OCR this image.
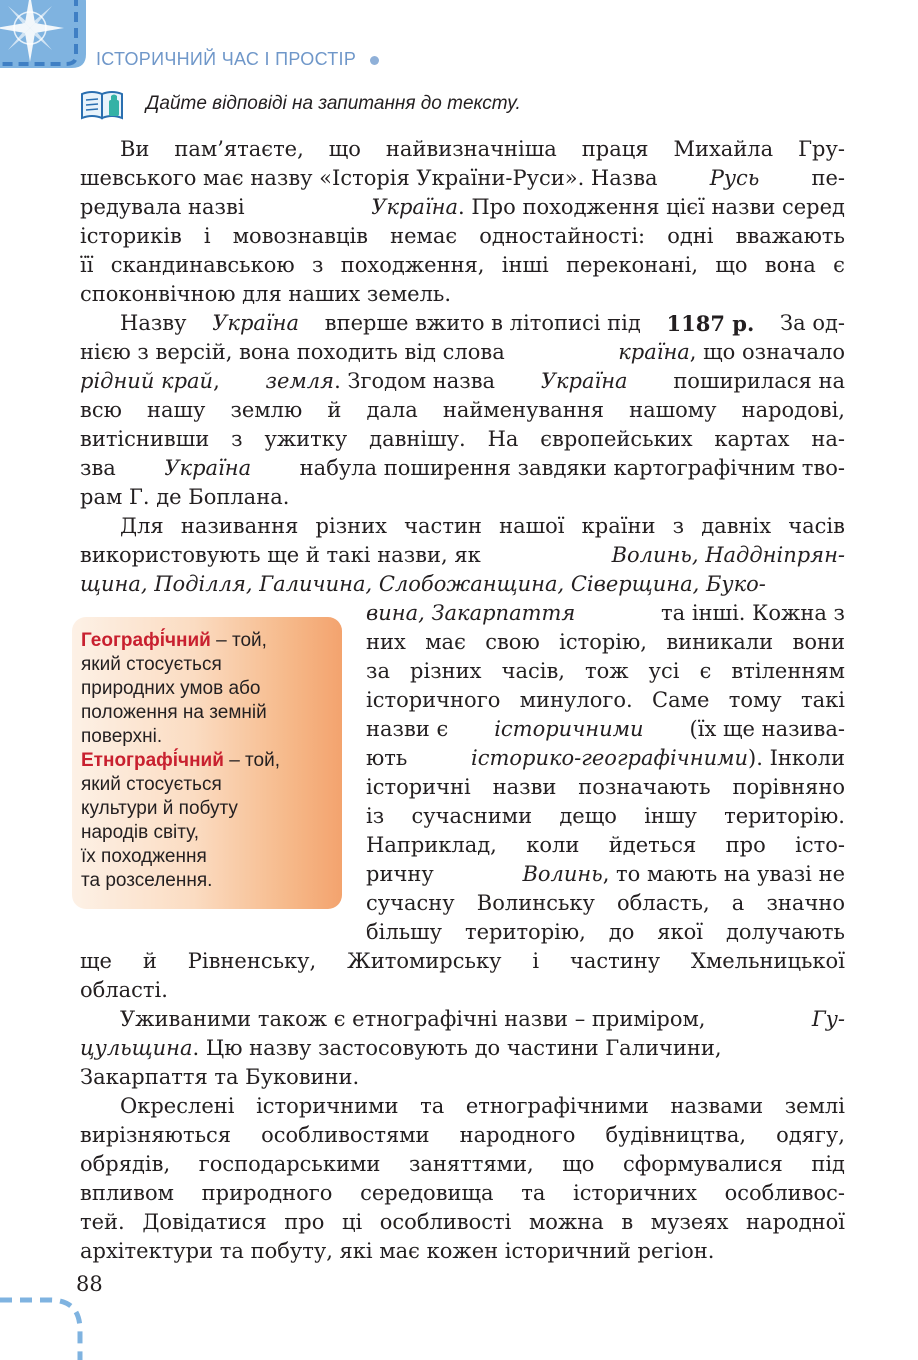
ІСТОРИЧНИЙ ЧАС І ПРОСТІР
Дайте відповіді на запитання до тексту.
Ви пам’ятаєте, що найвизначніша праця Михайла Гру-
шевського має назву «Історія України-Руси». Назва Русь пе-
редувала назві	Україна. Про походження цієї назви серед
істориків і мовознавців немає одностайності: одні вважають
її скандинавською з походження, інші переконані, що вона є
споконвічною для наших земель.
Назву Україна вперше вжито в літописі під 1187 р. За од-
нією з версій, вона походить від слова	країна, що означало
рідний край, земля. Згодом назва Україна поширилася на
всю нашу землю й дала найменування нашому народові,
витіснивши з ужитку давнішу. На європейських картах на-
зва Україна набула поширення завдяки картографічним тво-
рам Г. де Боплана.
Для називання різних частин нашої країни з давніх часів
використовують ще й такі назви, як	Волинь, Наддніпрян-
щина, Поділля, Галичина, Слобожанщина, Сіверщина, Буко-
вина, Закарпаття	та інші. Кожна з
них має свою історію, виникали вони
за різних часів, тож усі є втіленням
історичного минулого. Саме тому такі
назви є історичними (їх ще назива-
ють	історико-географічними). Інколи
історичні назви позначають порівняно
із сучасними дещо іншу територію.
Наприклад, коли йдеться про істо-
ричну	Волинь, то мають на увазі не
сучасну Волинську область, а значно
більшу територію, до якої долучають
ще й Рівненську, Житомирську і частину Хмельницької
області.
Уживаними також є етнографічні назви – приміром,	Гу-
цульщина. Цю назву застосовують до частини Галичини,
Закарпаття та Буковини.
Окреслені історичними та етнографічними назвами землі
вирізняються особливостями народного будівництва, одягу,
обрядів, господарськими заняттями, що сформувалися під
впливом природного середовища та історичних особливос-
тей. Довідатися про ці особливості можна в музеях народної
архітектури та побуту, які має кожен історичний регіон.
Географі́чний – той,
який стосується
природних умов або
положення на земній
поверхні.
Етнографі́чний – той,
який стосується
культури й побуту
народів світу,
їх походження
та розселення.
88
